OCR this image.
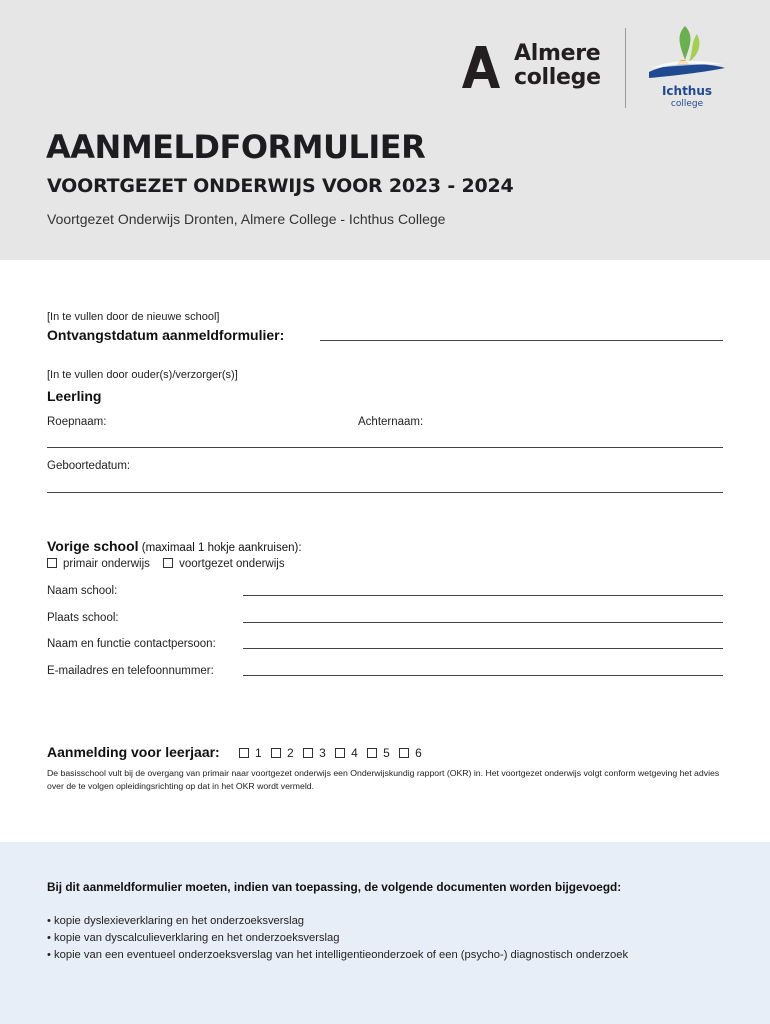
Almere
college
Ichthus
college
AANMELDFORMULIER
VOORTGEZET ONDERWIJS VOOR 2023 - 2024
Voortgezet Onderwijs Dronten, Almere College - Ichthus College
[In te vullen door de nieuwe school]
Ontvangstdatum aanmeldformulier:
[In te vullen door ouder(s)/verzorger(s)]
Leerling
Roepnaam:	Achternaam:
Geboortedatum:
Vorige school (maximaal 1 hokje aankruisen):
primair onderwijs	voortgezet onderwijs
Naam school:
Plaats school:
Naam en functie contactpersoon:
E-mailadres en telefoonnummer:
Aanmelding voor leerjaar:	1 2 3 4 5 6
De basisschool vult bij de overgang van primair naar voortgezet onderwijs een Onderwijskundig rapport (OKR) in. Het voortgezet onderwijs volgt conform wetgeving het advies over de te volgen opleidingsrichting op dat in het OKR wordt vermeld.
Bij dit aanmeldformulier moeten, indien van toepassing, de volgende documenten worden bijgevoegd:
• kopie dyslexieverklaring en het onderzoeksverslag
• kopie van dyscalculieverklaring en het onderzoeksverslag
• kopie van een eventueel onderzoeksverslag van het intelligentieonderzoek of een (psycho-) diagnostisch onderzoek
